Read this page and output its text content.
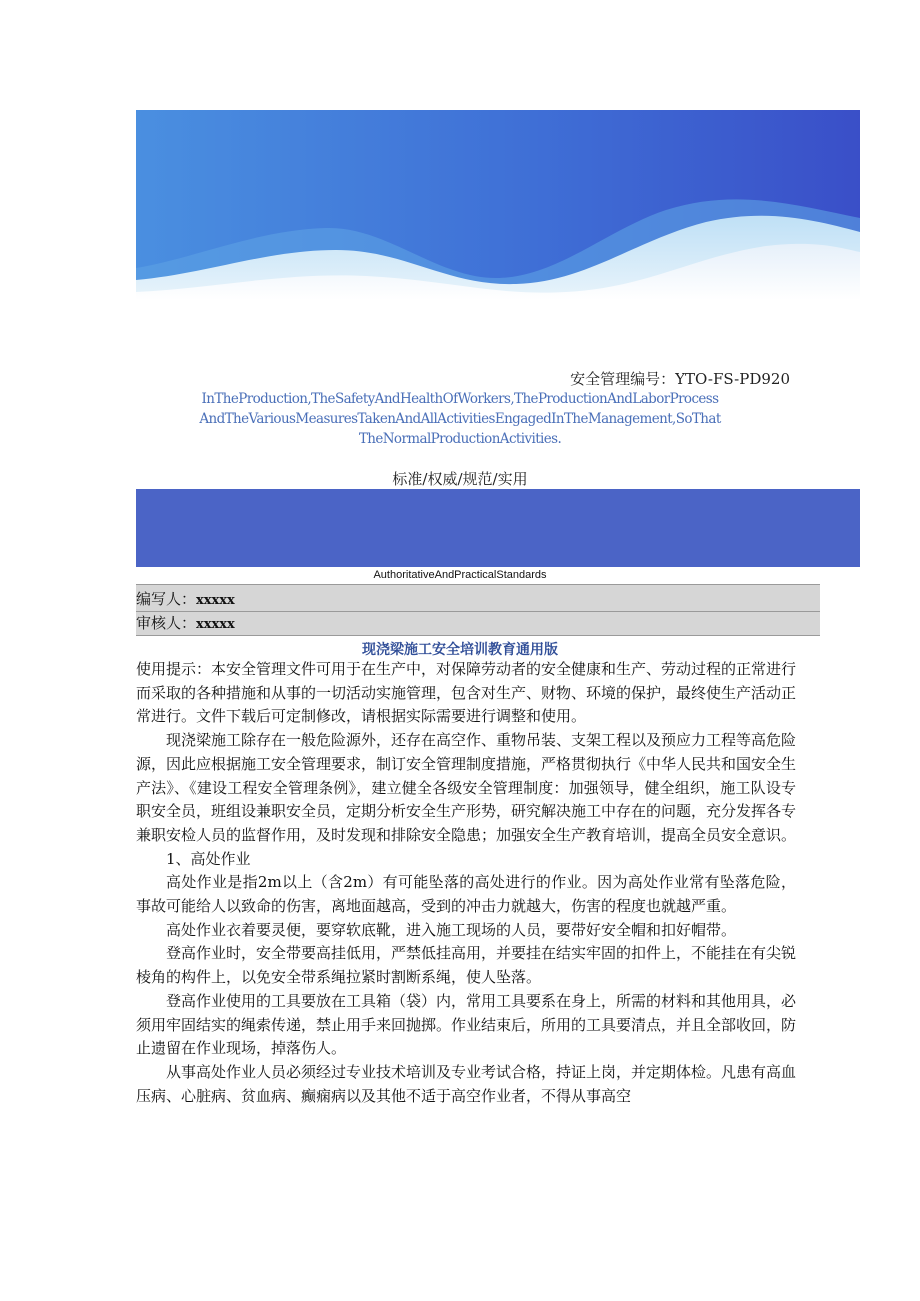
安全管理编号：YTO-FS-PD920
InTheProduction,TheSafetyAndHealthOfWorkers,TheProductionAndLaborProcess
AndTheVariousMeasuresTakenAndAllActivitiesEngagedInTheManagement,SoThat
TheNormalProductionActivities.
标准/权威/规范/实用
AuthoritativeAndPracticalStandards
编写人：xxxxx
审核人：xxxxx
现浇梁施工安全培训教育通用版

使用提示：本安全管理文件可用于在生产中，对保障劳动者的安全健康和生产、劳动过程的正常进行而采取的各种措施和从事的一切活动实施管理，包含对生产、财物、环境的保护，最终使生产活动正常进行。文件下载后可定制修改，请根据实际需要进行调整和使用。

现浇梁施工除存在一般危险源外，还存在高空作、重物吊装、支架工程以及预应力工程等高危险源，因此应根据施工安全管理要求，制订安全管理制度措施，严格贯彻执行《中华人民共和国安全生产法》、《建设工程安全管理条例》，建立健全各级安全管理制度：加强领导，健全组织，施工队设专职安全员，班组设兼职安全员，定期分析安全生产形势，研究解决施工中存在的问题，充分发挥各专兼职安检人员的监督作用，及时发现和排除安全隐患；加强安全生产教育培训，提高全员安全意识。

1、高处作业

高处作业是指2m以上（含2m）有可能坠落的高处进行的作业。因为高处作业常有坠落危险，事故可能给人以致命的伤害，离地面越高，受到的冲击力就越大，伤害的程度也就越严重。

高处作业衣着要灵便，要穿软底靴，进入施工现场的人员，要带好安全帽和扣好帽带。

登高作业时，安全带要高挂低用，严禁低挂高用，并要挂在结实牢固的扣件上，不能挂在有尖锐棱角的构件上，以免安全带系绳拉紧时割断系绳，使人坠落。

登高作业使用的工具要放在工具箱（袋）内，常用工具要系在身上，所需的材料和其他用具，必须用牢固结实的绳索传递，禁止用手来回抛掷。作业结束后，所用的工具要清点，并且全部收回，防止遗留在作业现场，掉落伤人。

从事高处作业人员必须经过专业技术培训及专业考试合格，持证上岗，并定期体检。凡患有高血压病、心脏病、贫血病、癫痫病以及其他不适于高空作业者，不得从事高空
